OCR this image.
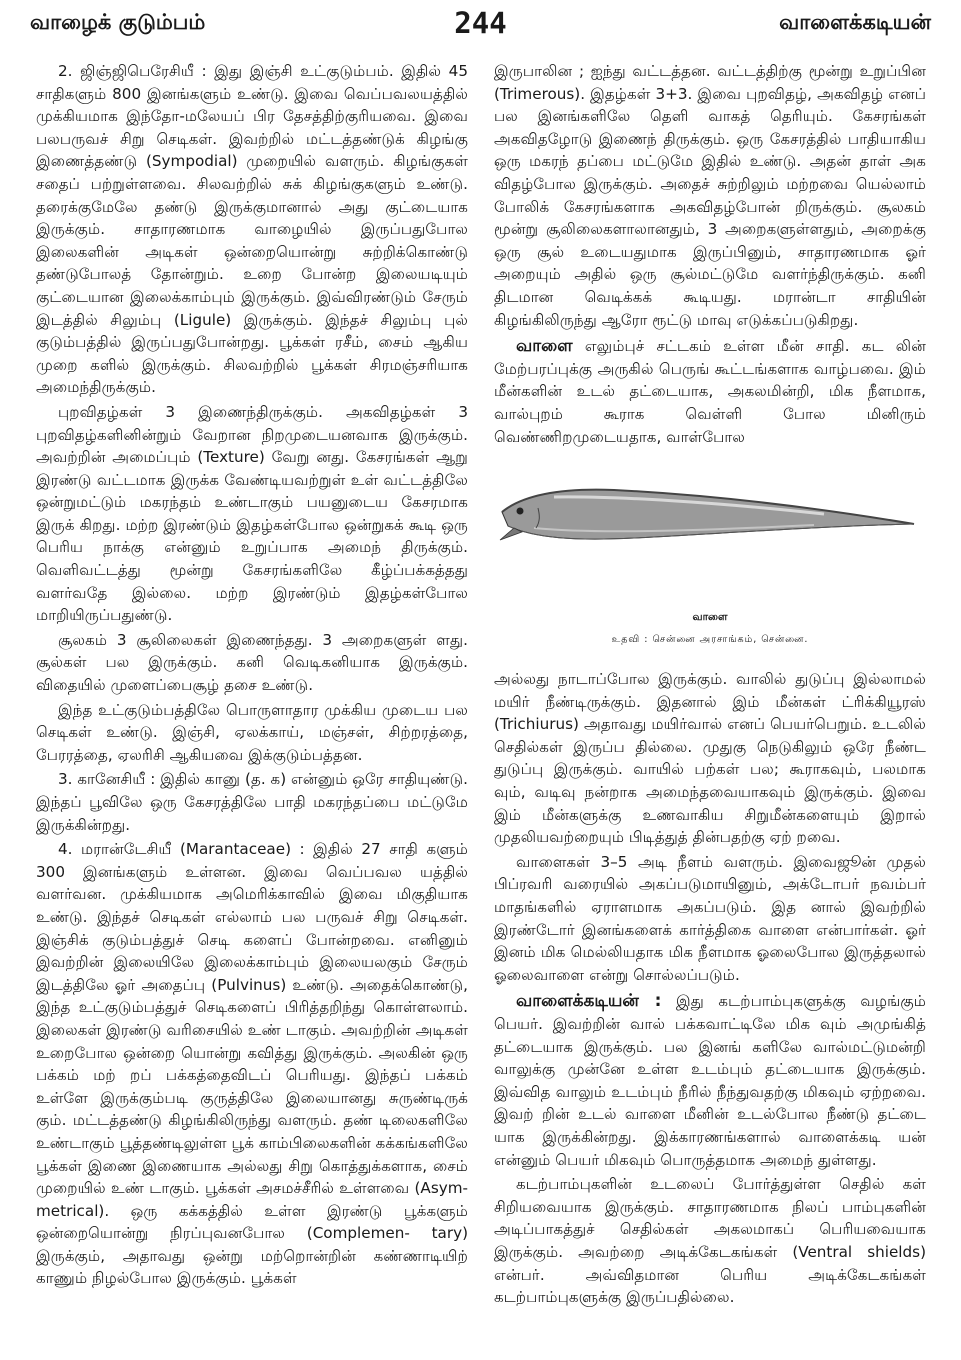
வாழைக் குடும்பம்	244	வாளைக்கடியன்

2. ஜிஞ்ஜிபெரேசியீ : இது இஞ்சி உட்குடும்பம். இதில் 45 சாதிகளும் 800 இனங்களும் உண்டு. இவை வெப்பவலயத்தில் முக்கியமாக இந்தோ-மலேயப் பிர தேசத்திற்குரியவை. இவை பலபருவச் சிறு செடிகள். இவற்றில் மட்டத்தண்டுக் கிழங்கு இணைத்தண்டு (Sympodial) முறையில் வளரும். கிழங்குகள் சதைப் பற்றுள்ளவை. சிலவற்றில் சுக் கிழங்குகளும் உண்டு. தரைக்குமேலே தண்டு இருக்குமானால் அது குட்டையாக இருக்கும். சாதாரணமாக வாழையில் இருப்பதுபோல இலைகளின் அடிகள் ஒன்றையொன்று சுற்றிக்கொண்டு தண்டுபோலத் தோன்றும். உறை போன்ற இலையடியும் குட்டையான இலைக்காம்பும் இருக்கும். இவ்விரண்டும் சேரும் இடத்தில் சிலும்பு (Ligule) இருக்கும். இந்தச் சிலும்பு புல் குடும்பத்தில் இருப்பதுபோன்றது. பூக்கள் ரசீம், சைம் ஆகிய முறை களில் இருக்கும். சிலவற்றில் பூக்கள் சிரமஞ்சரியாக அமைந்திருக்கும்.

புறவிதழ்கள் 3 இணைந்திருக்கும். அகவிதழ்கள் 3 புறவிதழ்களினின்றும் வேறான நிறமுடையனவாக இருக்கும். அவற்றின் அமைப்பும் (Texture) வேறு னது. கேசரங்கள் ஆறு இரண்டு வட்டமாக இருக்க வேண்டியவற்றுள் உள் வட்டத்திலே ஒன்றுமட்டும் மகரந்தம் உண்டாகும் பயனுடைய கேசரமாக இருக் கிறது. மற்ற இரண்டும் இதழ்கள்போல ஒன்றுகக் கூடி ஒரு பெரிய நாக்கு என்னும் உறுப்பாக அமைந் திருக்கும். வெளிவட்டத்து மூன்று கேசரங்களிலே கீழ்ப்பக்கத்தது வளர்வதே இல்லை. மற்ற இரண்டும் இதழ்கள்போல மாறியிருப்பதுண்டு.

சூலகம் 3 சூலிலைகள் இணைந்தது. 3 அறைகளுள் ளது. சூல்கள் பல இருக்கும். கனி வெடிகனியாக இருக்கும். விதையில் முளைப்பைசூழ் தசை உண்டு.

இந்த உட்குடும்பத்திலே பொருளாதார முக்கிய முடைய பல செடிகள் உண்டு. இஞ்சி, ஏலக்காய், மஞ்சள், சிற்றரத்தை, பேரரத்தை, ஏலரிசி ஆகியவை இக்குடும்பத்தன.

3. கானேசியீ : இதில் கானு (த. க) என்னும் ஒரே சாதியுண்டு. இந்தப் பூவிலே ஒரு கேசரத்திலே பாதி மகரந்தப்பை மட்டுமே இருக்கின்றது.

4. மரான்டேசியீ (Marantaceae) : இதில் 27 சாதி களும் 300 இனங்களும் உள்ளன. இவை வெப்பவல யத்தில் வளர்வன. முக்கியமாக அமெரிக்காவில் இவை மிகுதியாக உண்டு. இந்தச் செடிகள் எல்லாம் பல பருவச் சிறு செடிகள். இஞ்சிக் குடும்பத்துச் செடி களைப் போன்றவை. எனினும் இவற்றின் இலையிலே இலைக்காம்பும் இலையலகும் சேரும் இடத்திலே ஓர் அதைப்பு (Pulvinus) உண்டு. அதைக்கொண்டு, இந்த உட்குடும்பத்துச் செடிகளைப் பிரித்தறிந்து கொள்ளலாம். இலைகள் இரண்டு வரிசையில் உண் டாகும். அவற்றின் அடிகள் உறைபோல ஒன்றை யொன்று கவித்து இருக்கும். அலகின் ஒரு பக்கம் மற் றப் பக்கத்தைவிடப் பெரியது. இந்தப் பக்கம் உள்ளே இருக்கும்படி குருத்திலே இலையானது சுருண்டிருக் கும். மட்டத்தண்டு கிழங்கிலிருந்து வளரும். தண் டிலைகளிலே உண்டாகும் பூத்தண்டிலுள்ள பூக் காம்பிலைகளின் கக்கங்களிலே பூக்கள் இணை இணையாக அல்லது சிறு கொத்துக்களாக, சைம் முறையில் உண் டாகும். பூக்கள் அசமச்சீரில் உள்ளவை (Asym- metrical). ஒரு கக்கத்தில் உள்ள இரண்டு பூக்களும் ஒன்றையொன்று நிரப்புவனபோல (Complemen- tary) இருக்கும், அதாவது ஒன்று மற்றொன்றின் கண்ணாடியிற் காணும் நிழல்போல இருக்கும். பூக்கள்

இருபாலின ; ஐந்து வட்டத்தன. வட்டத்திற்கு மூன்று உறுப்பின (Trimerous). இதழ்கள் 3+3. இவை புறவிதழ், அகவிதழ் எனப் பல இனங்களிலே தெளி வாகத் தெரியும். கேசரங்கள் அகவிதழோடு இணைந் திருக்கும். ஒரு கேசரத்தில் பாதியாகிய ஒரு மகரந் தப்பை மட்டுமே இதில் உண்டு. அதன் தாள் அக விதழ்போல இருக்கும். அதைச் சுற்றிலும் மற்றவை யெல்லாம் போலிக் கேசரங்களாக அகவிதழ்போன் றிருக்கும். சூலகம் மூன்று சூலிலைகளாலானதும், 3 அறைகளுள்ளதும், அறைக்கு ஒரு சூல் உடையதுமாக இருப்பினும், சாதாரணமாக ஓர் அறையும் அதில் ஒரு சூல்மட்டுமே வளர்ந்திருக்கும். கனி திடமான வெடிக்கக் கூடியது. மரான்டா சாதியின் கிழங்கிலிருந்து ஆரோ ரூட்டு மாவு எடுக்கப்படுகிறது.

வாளை எலும்புச் சட்டகம் உள்ள மீன் சாதி. கட லின் மேற்பரப்புக்கு அருகில் பெருங் கூட்டங்களாக வாழ்பவை. இம் மீன்களின் உடல் தட்டையாக, அகலமின்றி, மிக நீளமாக, வால்புறம் கூராக வெள்ளி போல மினிரும் வெண்ணிறமுடையதாக, வாள்போல

வாளை
உதவி : சென்னை அரசாங்கம், சென்னை.

அல்லது நாடாப்போல இருக்கும். வாலில் துடுப்பு இல்லாமல் மயிர் நீண்டிருக்கும். இதனால் இம் மீன்கள் ட்ரிக்கியூரஸ் (Trichiurus) அதாவது மயிர்வால் எனப் பெயர்பெறும். உடலில் செதில்கள் இருப்ப தில்லை. முதுகு நெடுகிலும் ஒரே நீண்ட துடுப்பு இருக்கும். வாயில் பற்கள் பல; கூராகவும், பலமாக வும், வடிவு நன்றாக அமைந்தவையாகவும் இருக்கும். இவை இம் மீன்களுக்கு உணவாகிய சிறுமீன்களையும் இறால் முதலியவற்றையும் பிடித்துத் தின்பதற்கு ஏற் றவை.

வாளைகள் 3–5 அடி நீளம் வளரும். இவைஜூன் முதல் பிப்ரவரி வரையில் அகப்படுமாயினும், அக்டோபர் நவம்பர் மாதங்களில் ஏராளமாக அகப்படும். இத னால் இவற்றில் இரண்டோர் இனங்களைக் கார்த்திகை வாளை என்பார்கள். ஓர் இனம் மிக மெல்லியதாக மிக நீளமாக ஓலைபோல இருத்தலால் ஓலைவாளை என்று சொல்லப்படும்.

வாளைக்கடியன் : இது கடற்பாம்புகளுக்கு வழங்கும் பெயர். இவற்றின் வால் பக்கவாட்டிலே மிக வும் அமுங்கித் தட்டையாக இருக்கும். பல இனங் களிலே வால்மட்டுமன்றி வாலுக்கு முன்னே உள்ள உடம்பும் தட்டையாக இருக்கும். இவ்வித வாலும் உடம்பும் நீரில் நீந்துவதற்கு மிகவும் ஏற்றவை. இவற் றின் உடல் வாளை மீனின் உடல்போல நீண்டு தட்டை யாக இருக்கின்றது. இக்காரணங்களால் வாளைக்கடி யன் என்னும் பெயர் மிகவும் பொருத்தமாக அமைந் துள்ளது.

கடற்பாம்புகளின் உடலைப் போர்த்துள்ள செதில் கள் சிறியவையாக இருக்கும். சாதாரணமாக நிலப் பாம்புகளின் அடிப்பாகத்துச் செதில்கள் அகலமாகப் பெரியவையாக இருக்கும். அவற்றை அடிக்கேடகங்கள் (Ventral shields) என்பர். அவ்விதமான பெரிய அடிக்கேடகங்கள் கடற்பாம்புகளுக்கு இருப்பதில்லை.
